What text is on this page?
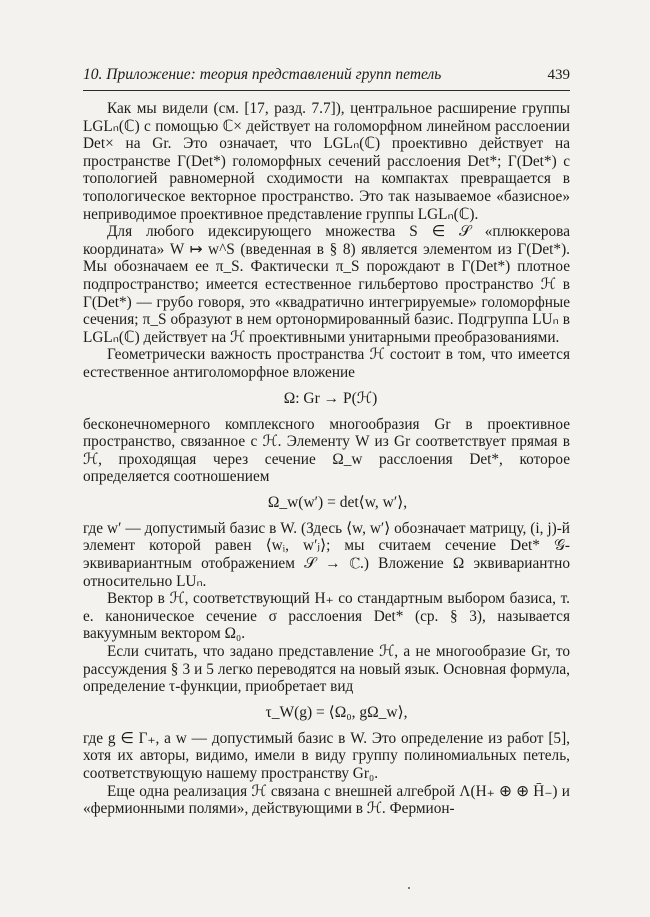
10. Приложение: теория представлений групп петель	439

Как мы видели (см. [17, разд. 7.7]), центральное расширение группы LGLₙ(ℂ) с помощью ℂ× действует на голоморфном линейном расслоении Det× на Gr. Это означает, что LGLₙ(ℂ) проективно действует на пространстве Γ(Det*) голоморфных сечений расслоения Det*; Γ(Det*) с топологией равномерной сходимости на компактах превращается в топологическое векторное пространство. Это так называемое «базисное» неприводимое проективное представление группы LGLₙ(ℂ).

Для любого идексирующего множества S ∈ 𝒮 «плюккерова координата» W ↦ w^S (введенная в § 8) является элементом из Γ(Det*). Мы обозначаем ее π_S. Фактически π_S порождают в Γ(Det*) плотное подпространство; имеется естественное гильбертово пространство ℋ в Γ(Det*) — грубо говоря, это «квадратично интегрируемые» голоморфные сечения; π_S образуют в нем ортонормированный базис. Подгруппа LUₙ в LGLₙ(ℂ) действует на ℋ проективными унитарными преобразованиями.

Геометрически важность пространства ℋ состоит в том, что имеется естественное антиголоморфное вложение

Ω: Gr → P(ℋ)

бесконечномерного комплексного многообразия Gr в проективное пространство, связанное с ℋ. Элементу W из Gr соответствует прямая в ℋ, проходящая через сечение Ω_w расслоения Det*, которое определяется соотношением

Ω_w(w′) = det⟨w, w′⟩,

где w′ — допустимый базис в W. (Здесь ⟨w, w′⟩ обозначает матрицу, (i, j)-й элемент которой равен ⟨wᵢ, w′ⱼ⟩; мы считаем сечение Det* 𝒢-эквивариантным отображением 𝒮 → ℂ.) Вложение Ω эквивариантно относительно LUₙ.

Вектор в ℋ, соответствующий H₊ со стандартным выбором базиса, т. е. каноническое сечение σ расслоения Det* (ср. § 3), называется вакуумным вектором Ω₀.

Если считать, что задано представление ℋ, а не многообразие Gr, то рассуждения § 3 и 5 легко переводятся на новый язык. Основная формула, определение τ-функции, приобретает вид

τ_W(g) = ⟨Ω₀, gΩ_w⟩,

где g ∈ Γ₊, а w — допустимый базис в W. Это определение из работ [5], хотя их авторы, видимо, имели в виду группу полиномиальных петель, соответствующую нашему пространству Gr₀.

Еще одна реализация ℋ связана с внешней алгеброй Λ(H₊ ⊕ ⊕ H̄₋) и «фермионными полями», действующими в ℋ. Фермион-
